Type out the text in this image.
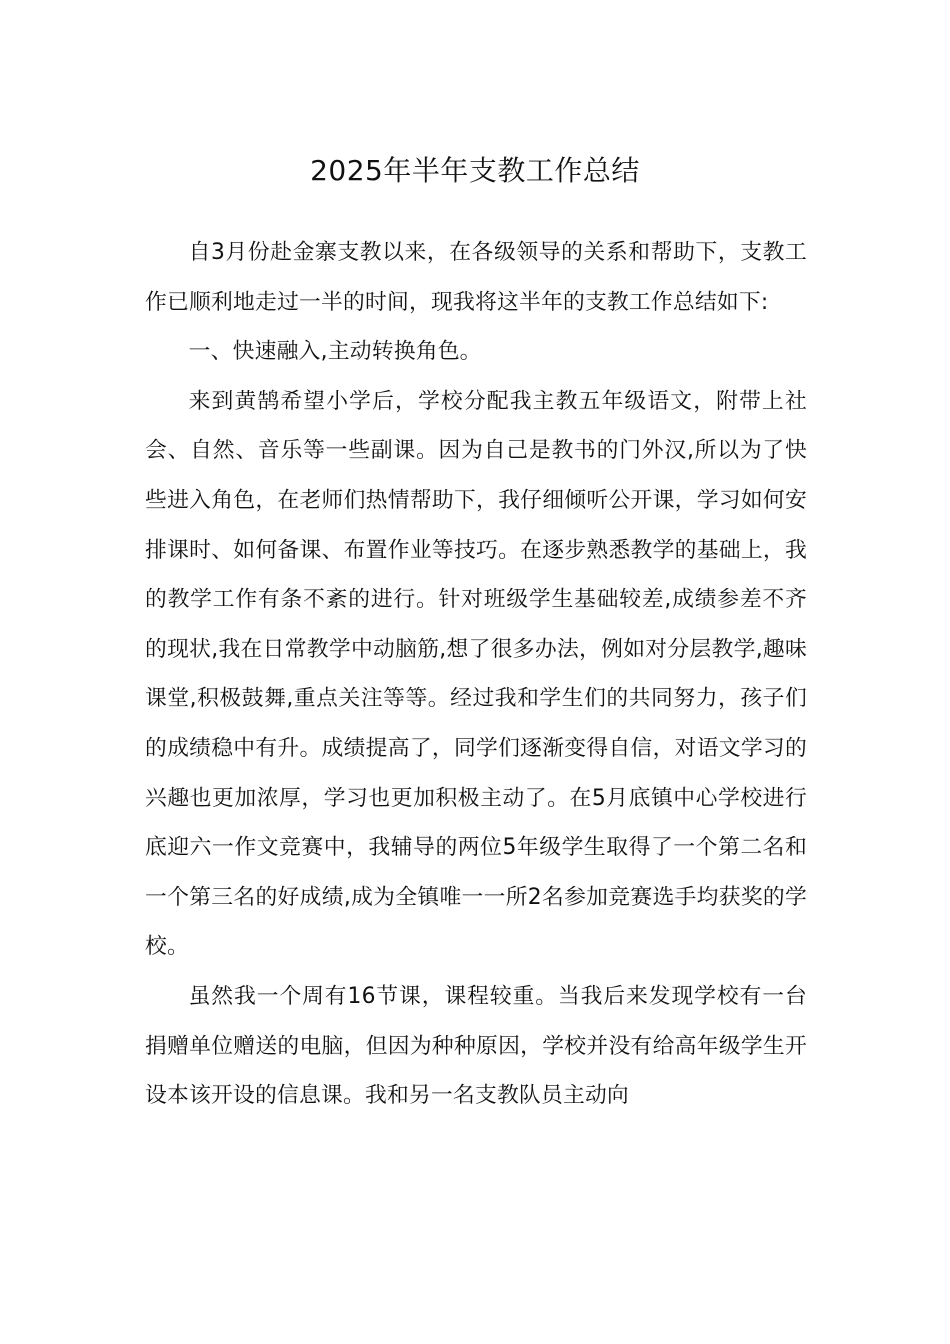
2025年半年支教工作总结

自3月份赴金寨支教以来，在各级领导的关系和帮助下，支教工作已顺利地走过一半的时间，现我将这半年的支教工作总结如下:

一、快速融入,主动转换角色。

来到黄鹄希望小学后，学校分配我主教五年级语文，附带上社会、自然、音乐等一些副课。因为自己是教书的门外汉,所以为了快些进入角色，在老师们热情帮助下，我仔细倾听公开课，学习如何安排课时、如何备课、布置作业等技巧。在逐步熟悉教学的基础上，我的教学工作有条不紊的进行。针对班级学生基础较差,成绩参差不齐的现状,我在日常教学中动脑筋,想了很多办法，例如对分层教学,趣味课堂,积极鼓舞,重点关注等等。经过我和学生们的共同努力，孩子们的成绩稳中有升。成绩提高了，同学们逐渐变得自信，对语文学习的兴趣也更加浓厚，学习也更加积极主动了。在5月底镇中心学校进行底迎六一作文竞赛中，我辅导的两位5年级学生取得了一个第二名和一个第三名的好成绩,成为全镇唯一一所2名参加竞赛选手均获奖的学校。

虽然我一个周有16节课，课程较重。当我后来发现学校有一台捐赠单位赠送的电脑，但因为种种原因，学校并没有给高年级学生开设本该开设的信息课。我和另一名支教队员主动向
